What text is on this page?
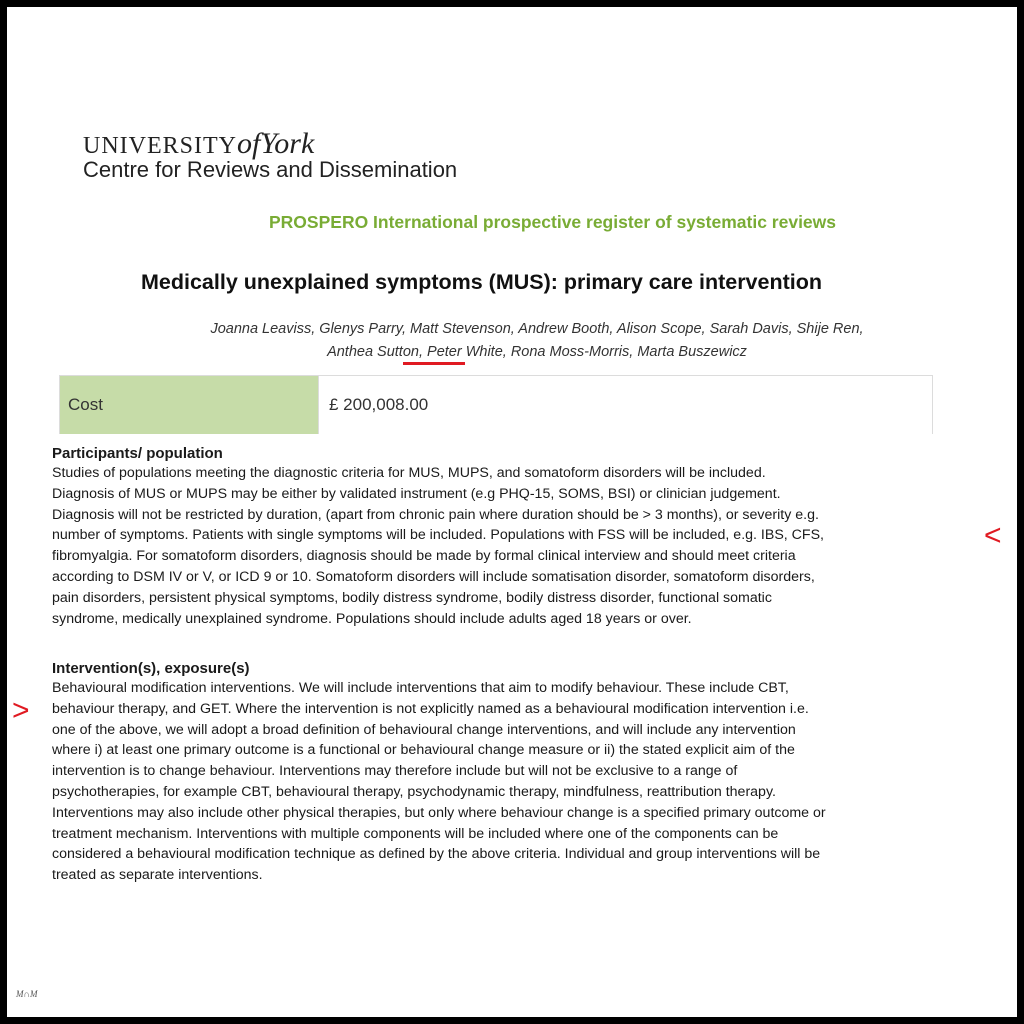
UNIVERSITYofYork
Centre for Reviews and Dissemination
PROSPERO International prospective register of systematic reviews
Medically unexplained symptoms (MUS): primary care intervention
Joanna Leaviss, Glenys Parry, Matt Stevenson, Andrew Booth, Alison Scope, Sarah Davis, Shije Ren,
Anthea Sutton, Peter White, Rona Moss-Morris, Marta Buszewicz
Cost	£ 200,008.00
Participants/ population
Studies of populations meeting the diagnostic criteria for MUS, MUPS, and somatoform disorders will be included.
Diagnosis of MUS or MUPS may be either by validated instrument (e.g PHQ-15, SOMS, BSI) or clinician judgement.
Diagnosis will not be restricted by duration, (apart from chronic pain where duration should be > 3 months), or severity e.g.
number of symptoms. Patients with single symptoms will be included. Populations with FSS will be included, e.g. IBS, CFS,
fibromyalgia. For somatoform disorders, diagnosis should be made by formal clinical interview and should meet criteria
according to DSM IV or V, or ICD 9 or 10. Somatoform disorders will include somatisation disorder, somatoform disorders,
pain disorders, persistent physical symptoms, bodily distress syndrome, bodily distress disorder, functional somatic
syndrome, medically unexplained syndrome. Populations should include adults aged 18 years or over.
Intervention(s), exposure(s)
Behavioural modification interventions. We will include interventions that aim to modify behaviour. These include CBT,
behaviour therapy, and GET. Where the intervention is not explicitly named as a behavioural modification intervention i.e.
one of the above, we will adopt a broad definition of behavioural change interventions, and will include any intervention
where i) at least one primary outcome is a functional or behavioural change measure or ii) the stated explicit aim of the
intervention is to change behaviour. Interventions may therefore include but will not be exclusive to a range of
psychotherapies, for example CBT, behavioural therapy, psychodynamic therapy, mindfulness, reattribution therapy.
Interventions may also include other physical therapies, but only where behaviour change is a specified primary outcome or
treatment mechanism. Interventions with multiple components will be included where one of the components can be
considered a behavioural modification technique as defined by the above criteria. Individual and group interventions will be
treated as separate interventions.
<
>
M∩M
